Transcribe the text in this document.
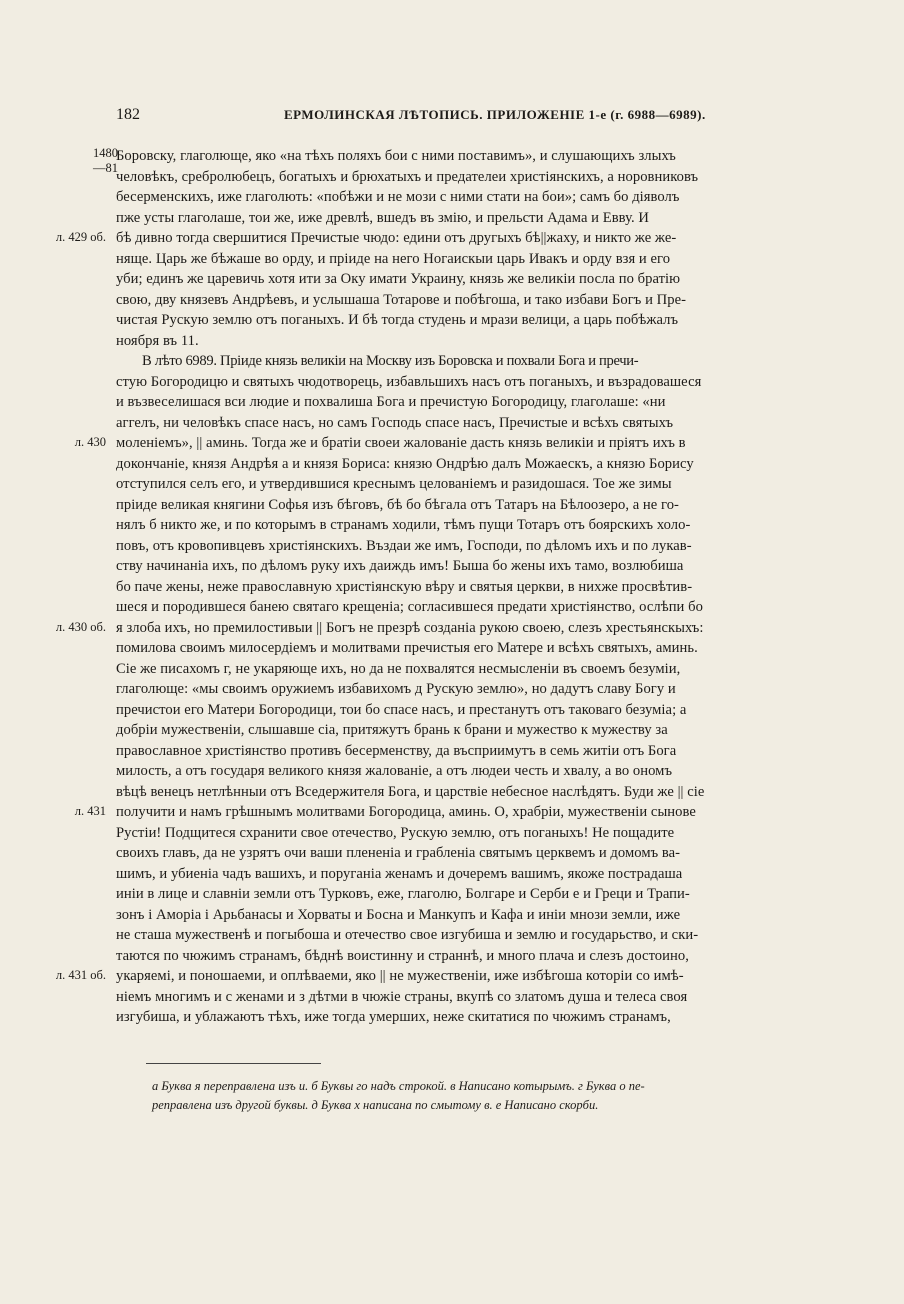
182	ЕРМОЛИНСКАЯ ЛѢТОПИСЬ. ПРИЛОЖЕНІЕ 1-е (г. 6988—6989).
1480
—81
л. 429 об.
л. 430
л. 430 об.
л. 431
л. 431 об.
Боровску, глаголюще, яко «на тѣхъ поляхъ бои с ними поставимъ», и слушающихъ злыхъ
человѣкъ, сребролюбецъ, богатыхъ и брюхатыхъ и предателеи христіянскихъ, а норовниковъ
бесерменскихъ, иже глаголють: «побѣжи и не мози с ними стати на бои»; самъ бо діяволъ
пже усты глаголаше, тои же, иже древлѣ, вшедъ въ змію, и прельсти Адама и Евву. И
бѣ дивно тогда свершитися Пречистые чюдо: едини отъ другыхъ бѣ||жаху, и никто же же-
няще. Царь же бѣжаше во орду, и пріиде на него Ногаискыи царь Ивакъ и орду взя и его
уби; единъ же царевичь хотя ити за Оку имати Украину, князь же великіи посла по братію
свою, дву князевъ Андрѣевъ, и услышаша Тотарове и побѣгоша, и тако избави Богъ и Пре-
чистая Рускую землю отъ поганыхъ. И бѣ тогда студень и мрази велици, а царь побѣжалъ
ноября въ 11.
В лѣто 6989. Пріиде князь великіи на Москву изъ Боровска и похвали Бога и пречи-
стую Богородицю и святыхъ чюдотворець, избавльшихъ насъ отъ поганыхъ, и възрадовашеся
и възвеселишася вси людие и похвалиша Бога и пречистую Богородицу, глаголаше: «ни
аггелъ, ни человѣкъ спасе насъ, но самъ Господь спасе насъ, Пречистые и всѣхъ святыхъ
моленіемъ», || аминь. Тогда же и братіи своеи жалованіе дасть князь великіи и пріятъ ихъ в
докончаніе, князя Андрѣя а и князя Бориса: князю Ондрѣю далъ Можаескъ, а князю Борису
отступился селъ его, и утвердившися креснымъ целованіемъ и разидошася. Тое же зимы
пріиде великая княгини Софья изъ бѣговъ, бѣ бо бѣгала отъ Татаръ на Бѣлоозеро, а не го-
нялъ б никто же, и по которымъ в странамъ ходили, тѣмъ пущи Тотаръ отъ боярскихъ холо-
повъ, отъ кровопивцевъ христіянскихъ. Въздаи же имъ, Господи, по дѣломъ ихъ и по лукав-
ству начинаніа ихъ, по дѣломъ руку ихъ даиждь имъ! Быша бо жены ихъ тамо, возлюбиша
бо паче жены, неже православную христіянскую вѣру и святыя церкви, в нихже просвѣтив-
шеся и породившеся банею святаго крещеніа; согласившеся предати христіянство, ослѣпи бо
я злоба ихъ, но премилостивыи || Богъ не презрѣ созданіа рукою своею, слезъ хрестьянскыхъ:
помилова своимъ милосердіемъ и молитвами пречистыя его Матере и всѣхъ святыхъ, аминь.
Сіе же писахомъ г, не укаряюще ихъ, но да не похвалятся несмысленіи въ своемъ безуміи,
глаголюще: «мы своимъ оружиемъ избавихомъ д Рускую землю», но дадутъ славу Богу и
пречистои его Матери Богородици, тои бо спасе насъ, и престанутъ отъ таковаго безуміа; а
добріи мужественіи, слышавше сіа, притяжутъ брань к брани и мужество к мужеству за
православное христіянство противъ бесерменству, да въсприимутъ в семь житіи отъ Бога
милость, а отъ государя великого князя жалованіе, а отъ людеи честь и хвалу, а во ономъ
вѣцѣ венецъ нетлѣнныи отъ Вседержителя Бога, и царствіе небесное наслѣдятъ. Буди же || сіе
получити и намъ грѣшнымъ молитвами Богородица, аминь. О, храбріи, мужественіи сынове
Рустіи! Подщитеся схранити свое отечество, Рускую землю, отъ поганыхъ! Не пощадите
своихъ главъ, да не узрятъ очи ваши плененіа и грабленіа святымъ церквемъ и домомъ ва-
шимъ, и убиеніа чадъ вашихъ, и поруганіа женамъ и дочеремъ вашимъ, якоже пострадаша
иніи в лице и славніи земли отъ Турковъ, еже, глаголю, Болгаре и Серби е и Греци и Трапи-
зонъ і Аморіа і Арьбанасы и Хорваты и Босна и Манкупъ и Кафа и иніи мнози земли, иже
не сташа мужественѣ и погыбоша и отечество свое изгубиша и землю и государьство, и ски-
таются по чюжимъ странамъ, бѣднѣ воистинну и страннѣ, и много плача и слезъ достоино,
укаряемі, и поношаеми, и оплѣваеми, яко || не мужественіи, иже избѣгоша которіи со имѣ-
ніемъ многимъ и с женами и з дѣтми в чюжіе страны, вкупѣ со златомъ душа и телеса своя
изгубиша, и ублажаютъ тѣхъ, иже тогда умерших, неже скитатися по чюжимъ странамъ,
а Буква я переправлена изъ и. б Буквы го надъ строкой. в Написано котырымъ. г Буква о пе-
реправлена изъ другой буквы. д Буква х написана по смытому в. е Написано скорби.
